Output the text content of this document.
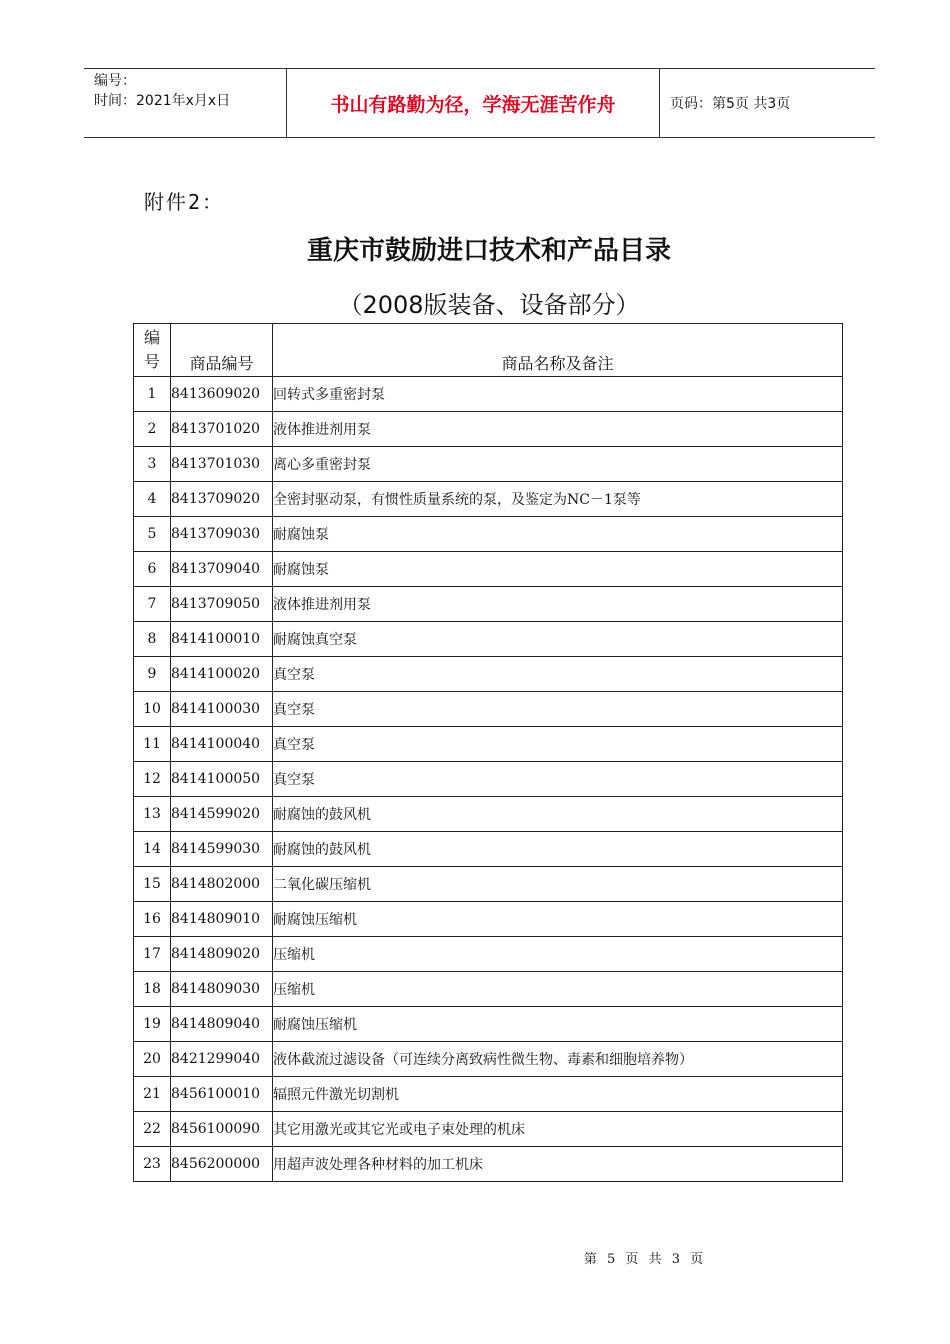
编号：
时间：2021年x月x日	书山有路勤为径，学海无涯苦作舟	页码：第5页 共3页
附件2：
重庆市鼓励进口技术和产品目录
（2008版装备、设备部分）
编
号	商品编号	商品名称及备注
1	8413609020	回转式多重密封泵
2	8413701020	液体推进剂用泵
3	8413701030	离心多重密封泵
4	8413709020	全密封驱动泵，有惯性质量系统的泵，及鉴定为NC－1泵等
5	8413709030	耐腐蚀泵
6	8413709040	耐腐蚀泵
7	8413709050	液体推进剂用泵
8	8414100010	耐腐蚀真空泵
9	8414100020	真空泵
10	8414100030	真空泵
11	8414100040	真空泵
12	8414100050	真空泵
13	8414599020	耐腐蚀的鼓风机
14	8414599030	耐腐蚀的鼓风机
15	8414802000	二氧化碳压缩机
16	8414809010	耐腐蚀压缩机
17	8414809020	压缩机
18	8414809030	压缩机
19	8414809040	耐腐蚀压缩机
20	8421299040	液体截流过滤设备（可连续分离致病性微生物、毒素和细胞培养物）
21	8456100010	辐照元件激光切割机
22	8456100090	其它用激光或其它光或电子束处理的机床
23	8456200000	用超声波处理各种材料的加工机床
第 5 页 共 3 页
